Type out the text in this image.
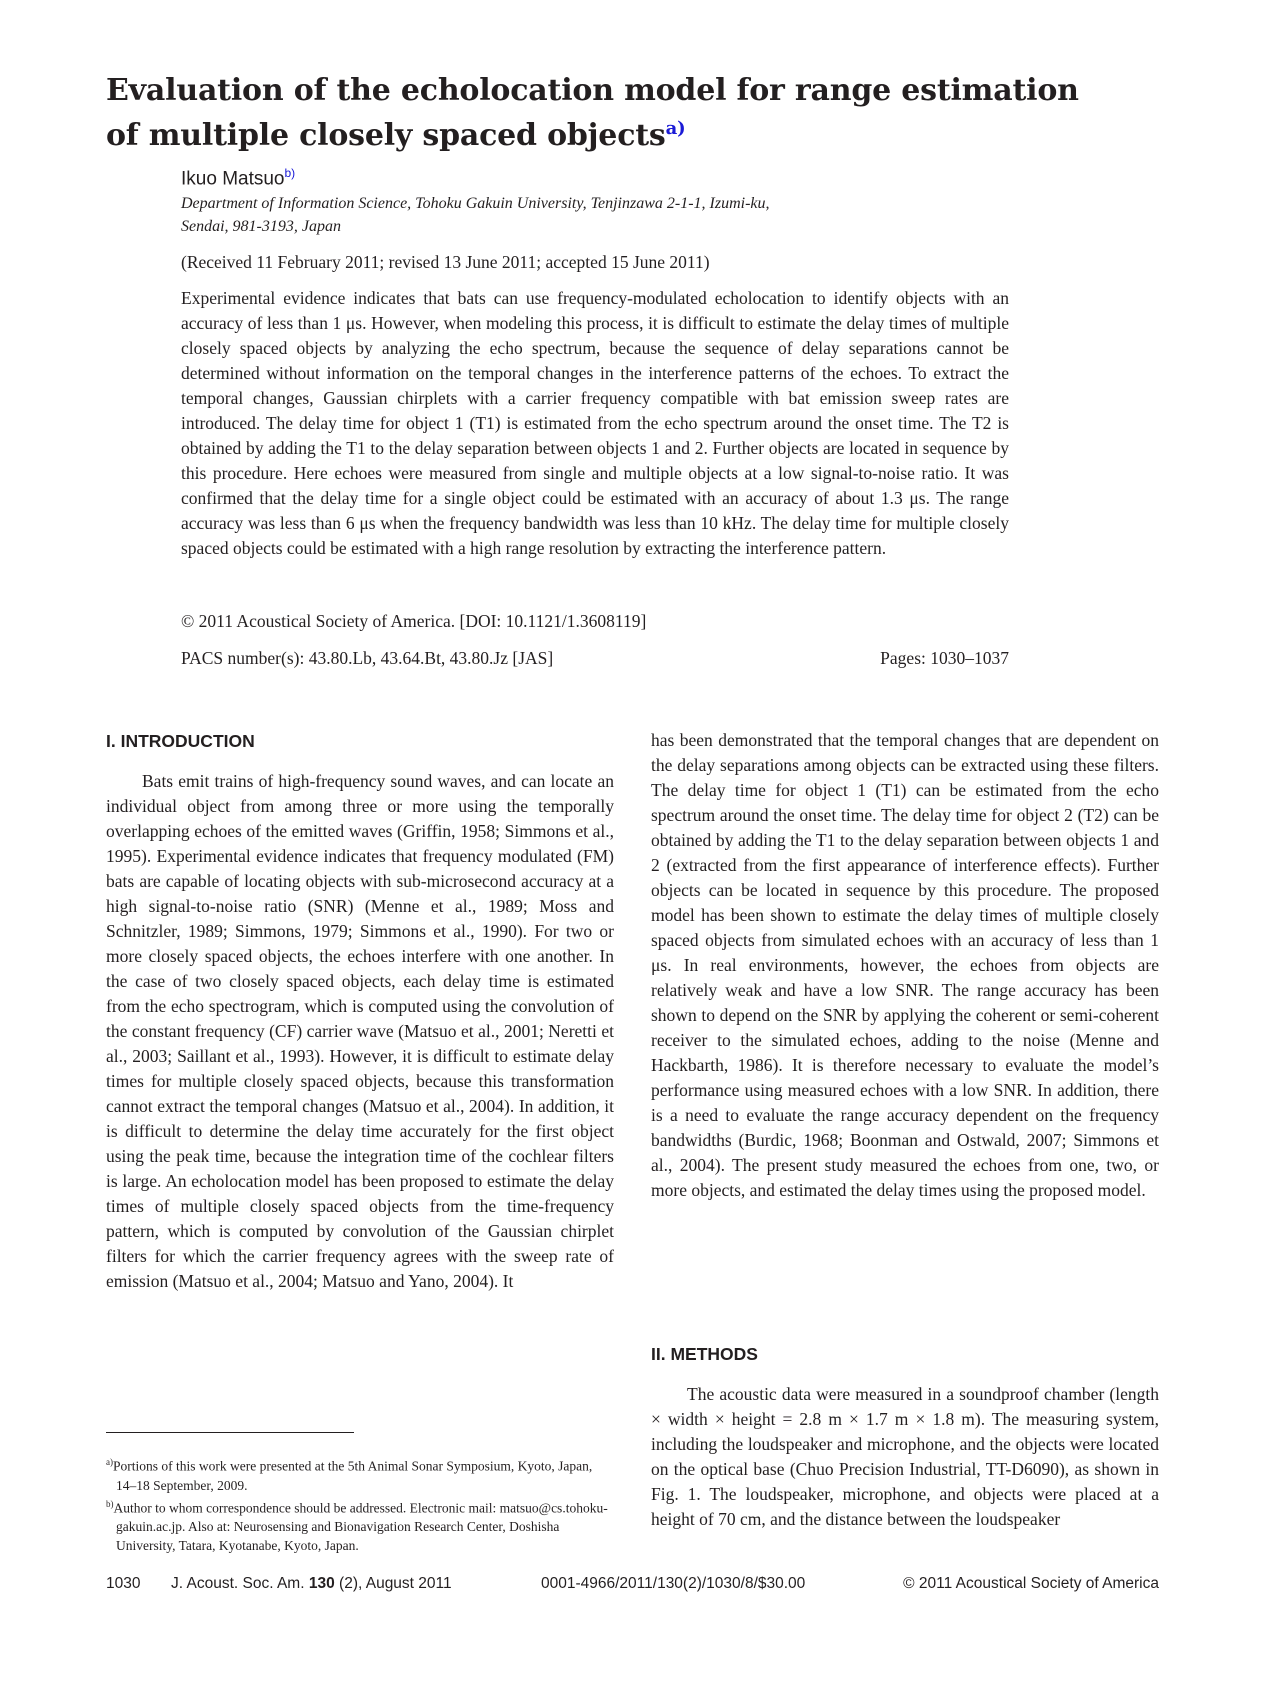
Evaluation of the echolocation model for range estimation
of multiple closely spaced objects$^{a)}$
Ikuo Matsuo$^{b)}$
Department of Information Science, Tohoku Gakuin University, Tenjinzawa 2-1-1, Izumi-ku,
Sendai, 981-3193, Japan
(Received 11 February 2011; revised 13 June 2011; accepted 15 June 2011)

Experimental evidence indicates that bats can use frequency-modulated echolocation to identify objects with an accuracy of less than 1 μs. However, when modeling this process, it is difficult to estimate the delay times of multiple closely spaced objects by analyzing the echo spectrum, because the sequence of delay separations cannot be determined without information on the temporal changes in the interference patterns of the echoes. To extract the temporal changes, Gaussian chirplets with a carrier frequency compatible with bat emission sweep rates are introduced. The delay time for object 1 (T1) is estimated from the echo spectrum around the onset time. The T2 is obtained by adding the T1 to the delay separation between objects 1 and 2. Further objects are located in sequence by this procedure. Here echoes were measured from single and multiple objects at a low signal-to-noise ratio. It was confirmed that the delay time for a single object could be estimated with an accuracy of about 1.3 μs. The range accuracy was less than 6 μs when the frequency bandwidth was less than 10 kHz. The delay time for multiple closely spaced objects could be estimated with a high range resolution by extracting the interference pattern.

© 2011 Acoustical Society of America. [DOI: 10.1121/1.3608119]
PACS number(s): 43.80.Lb, 43.64.Bt, 43.80.Jz [JAS]	Pages: 1030–1037
I. INTRODUCTION

Bats emit trains of high-frequency sound waves, and can locate an individual object from among three or more using the temporally overlapping echoes of the emitted waves (Griffin, 1958; Simmons et al., 1995). Experimental evidence indicates that frequency modulated (FM) bats are capable of locating objects with sub-microsecond accuracy at a high signal-to-noise ratio (SNR) (Menne et al., 1989; Moss and Schnitzler, 1989; Simmons, 1979; Simmons et al., 1990). For two or more closely spaced objects, the echoes interfere with one another. In the case of two closely spaced objects, each delay time is estimated from the echo spectrogram, which is computed using the convolution of the constant frequency (CF) carrier wave (Matsuo et al., 2001; Neretti et al., 2003; Saillant et al., 1993). However, it is difficult to estimate delay times for multiple closely spaced objects, because this transformation cannot extract the temporal changes (Matsuo et al., 2004). In addition, it is difficult to determine the delay time accurately for the first object using the peak time, because the integration time of the cochlear filters is large. An echolocation model has been proposed to estimate the delay times of multiple closely spaced objects from the time-frequency pattern, which is computed by convolution of the Gaussian chirplet filters for which the carrier frequency agrees with the sweep rate of emission (Matsuo et al., 2004; Matsuo and Yano, 2004). It

has been demonstrated that the temporal changes that are dependent on the delay separations among objects can be extracted using these filters. The delay time for object 1 (T1) can be estimated from the echo spectrum around the onset time. The delay time for object 2 (T2) can be obtained by adding the T1 to the delay separation between objects 1 and 2 (extracted from the first appearance of interference effects). Further objects can be located in sequence by this procedure. The proposed model has been shown to estimate the delay times of multiple closely spaced objects from simulated echoes with an accuracy of less than 1 μs. In real environments, however, the echoes from objects are relatively weak and have a low SNR. The range accuracy has been shown to depend on the SNR by applying the coherent or semi-coherent receiver to the simulated echoes, adding to the noise (Menne and Hackbarth, 1986). It is therefore necessary to evaluate the model’s performance using measured echoes with a low SNR. In addition, there is a need to evaluate the range accuracy dependent on the frequency bandwidths (Burdic, 1968; Boonman and Ostwald, 2007; Simmons et al., 2004). The present study measured the echoes from one, two, or more objects, and estimated the delay times using the proposed model.

II. METHODS

The acoustic data were measured in a soundproof chamber (length × width × height = 2.8 m × 1.7 m × 1.8 m). The measuring system, including the loudspeaker and microphone, and the objects were located on the optical base (Chuo Precision Industrial, TT-D6090), as shown in Fig. 1. The loudspeaker, microphone, and objects were placed at a height of 70 cm, and the distance between the loudspeaker

$^{a)}$Portions of this work were presented at the 5th Animal Sonar Symposium, Kyoto, Japan, 14–18 September, 2009.

$^{b)}$Author to whom correspondence should be addressed. Electronic mail: matsuo@cs.tohoku-gakuin.ac.jp. Also at: Neurosensing and Bionavigation Research Center, Doshisha University, Tatara, Kyotanabe, Kyoto, Japan.

1030 J. Acoust. Soc. Am. 130 (2), August 2011	0001-4966/2011/130(2)/1030/8/$30.00	© 2011 Acoustical Society of America
